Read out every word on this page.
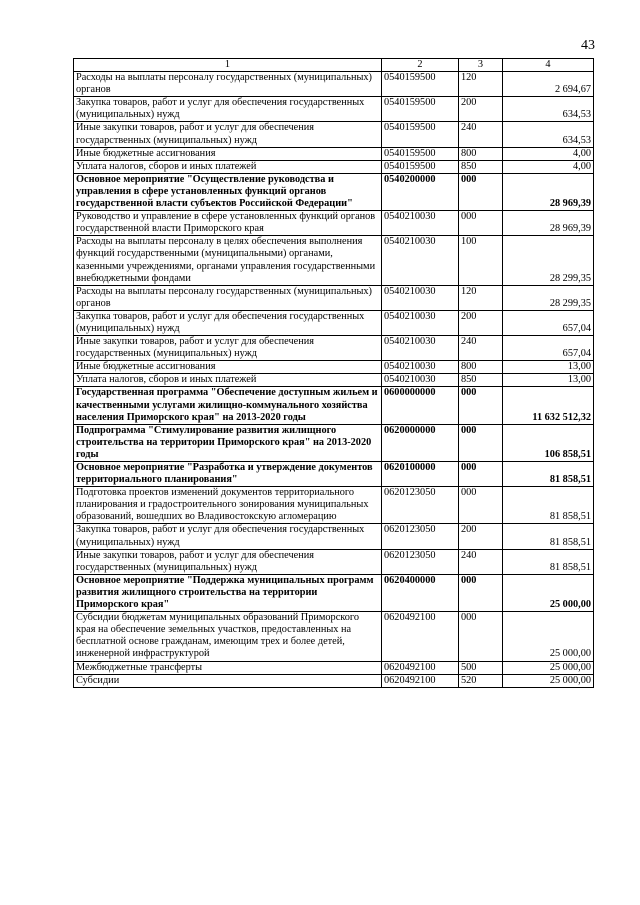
43
1	2	3	4
Расходы на выплаты персоналу государственных (муниципальных) органов	0540159500	120	2 694,67
Закупка товаров, работ и услуг для обеспечения государственных (муниципальных) нужд	0540159500	200	634,53
Иные закупки товаров, работ и услуг для обеспечения государственных (муниципальных) нужд	0540159500	240	634,53
Иные бюджетные ассигнования	0540159500	800	4,00
Уплата налогов, сборов и иных платежей	0540159500	850	4,00
Основное мероприятие "Осуществление руководства и управления в сфере установленных функций органов государственной власти субъектов Российской Федерации"	0540200000	000	28 969,39
Руководство и управление в сфере установленных функций органов государственной власти Приморского края	0540210030	000	28 969,39
Расходы на выплаты персоналу в целях обеспечения выполнения функций государственными (муниципальными) органами, казенными учреждениями, органами управления государственными внебюджетными фондами	0540210030	100	28 299,35
Расходы на выплаты персоналу государственных (муниципальных) органов	0540210030	120	28 299,35
Закупка товаров, работ и услуг для обеспечения государственных (муниципальных) нужд	0540210030	200	657,04
Иные закупки товаров, работ и услуг для обеспечения государственных (муниципальных) нужд	0540210030	240	657,04
Иные бюджетные ассигнования	0540210030	800	13,00
Уплата налогов, сборов и иных платежей	0540210030	850	13,00
Государственная программа "Обеспечение доступным жильем и качественными услугами жилищно-коммунального хозяйства населения Приморского края" на 2013-2020 годы	0600000000	000	11 632 512,32
Подпрограмма "Стимулирование развития жилищного строительства на территории Приморского края" на 2013-2020 годы	0620000000	000	106 858,51
Основное мероприятие "Разработка и утверждение документов территориального планирования"	0620100000	000	81 858,51
Подготовка проектов изменений документов территориального планирования и градостроительного зонирования муниципальных образований, вошедших во Владивостокскую агломерацию	0620123050	000	81 858,51
Закупка товаров, работ и услуг для обеспечения государственных (муниципальных) нужд	0620123050	200	81 858,51
Иные закупки товаров, работ и услуг для обеспечения государственных (муниципальных) нужд	0620123050	240	81 858,51
Основное мероприятие "Поддержка муниципальных программ развития жилищного строительства на территории Приморского края"	0620400000	000	25 000,00
Субсидии бюджетам муниципальных образований Приморского края на обеспечение земельных участков, предоставленных на бесплатной основе гражданам, имеющим трех и более детей, инженерной инфраструктурой	0620492100	000	25 000,00
Межбюджетные трансферты	0620492100	500	25 000,00
Субсидии	0620492100	520	25 000,00
